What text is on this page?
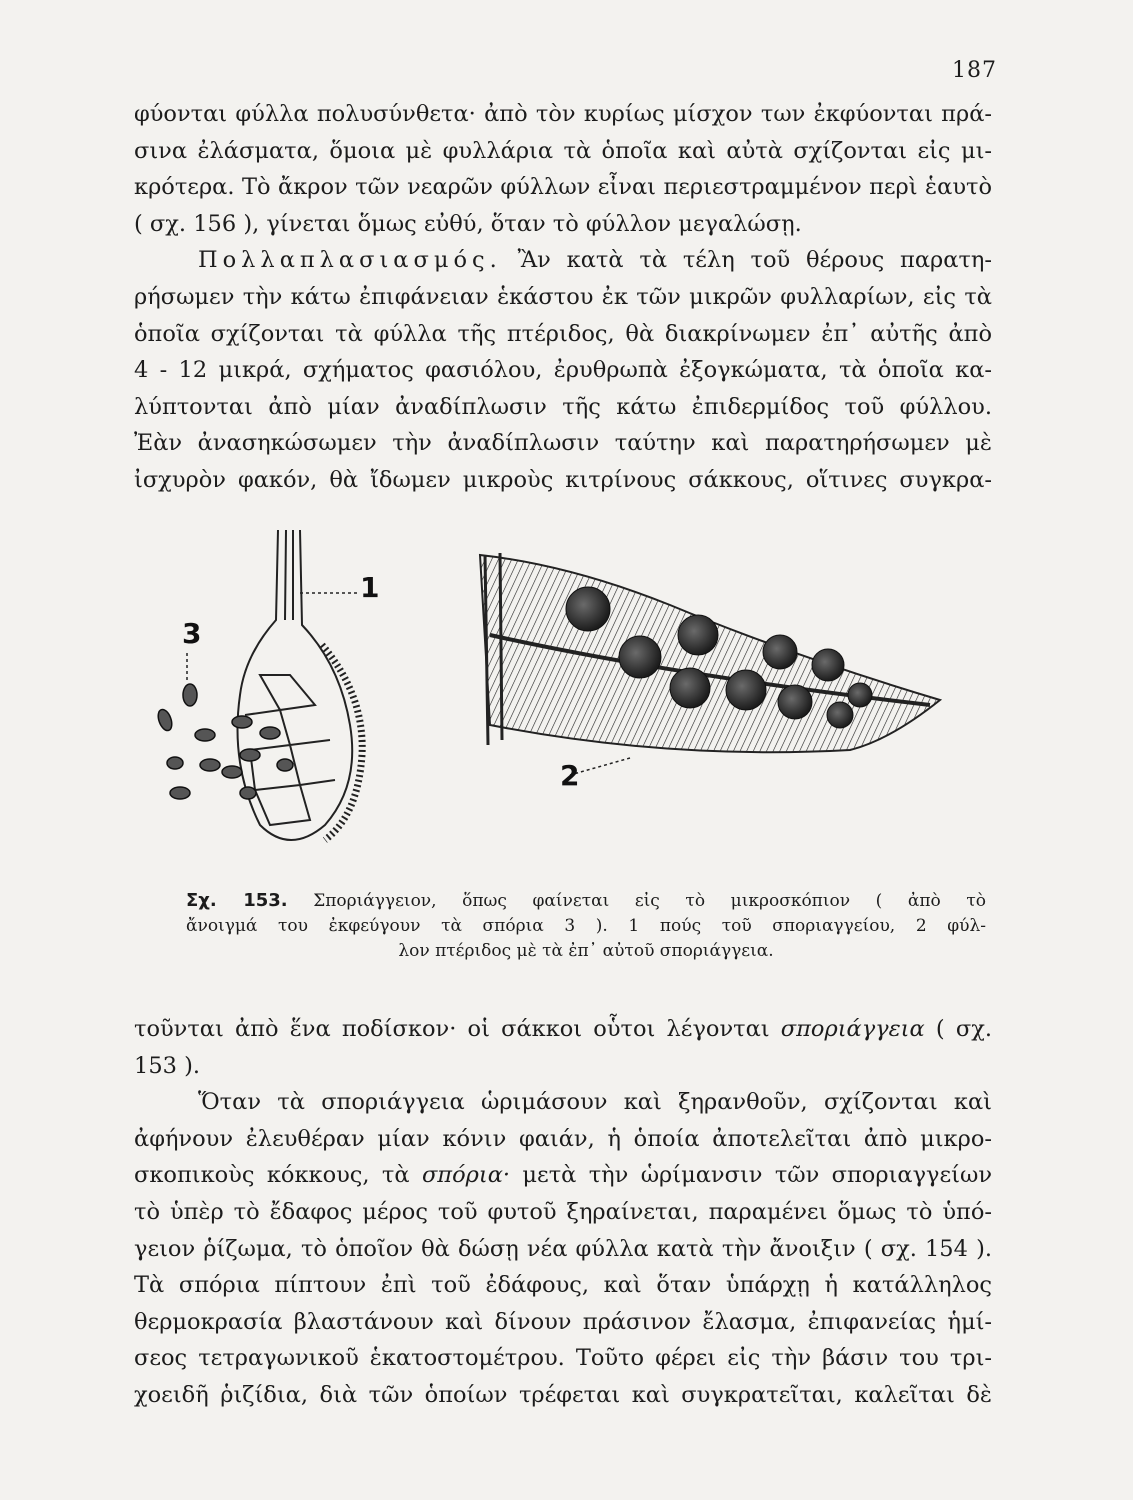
187
φύονται φύλλα πολυσύνθετα· ἀπὸ τὸν κυρίως μίσχον των ἐκφύονται πρά-
σινα ἐλάσματα, ὅμοια μὲ φυλλάρια τὰ ὁποῖα καὶ αὐτὰ σχίζονται εἰς μι-
κρότερα. Τὸ ἄκρον τῶν νεαρῶν φύλλων εἶναι περιεστραμμένον περὶ ἑαυτὸ
( σχ. 156 ), γίνεται ὅμως εὐθύ, ὅταν τὸ φύλλον μεγαλώσῃ.
Πολλαπλασιασμός. Ἂν κατὰ τὰ τέλη τοῦ θέρους παρατη-
ρήσωμεν τὴν κάτω ἐπιφάνειαν ἑκάστου ἐκ τῶν μικρῶν φυλλαρίων, εἰς τὰ
ὁποῖα σχίζονται τὰ φύλλα τῆς πτέριδος, θὰ διακρίνωμεν ἐπ᾽ αὐτῆς ἀπὸ
4 - 12 μικρά, σχήματος φασιόλου, ἐρυθρωπὰ ἐξογκώματα, τὰ ὁποῖα κα-
λύπτονται ἀπὸ μίαν ἀναδίπλωσιν τῆς κάτω ἐπιδερμίδος τοῦ φύλλου.
Ἐὰν ἀνασηκώσωμεν τὴν ἀναδίπλωσιν ταύτην καὶ παρατηρήσωμεν μὲ
ἰσχυρὸν φακόν, θὰ ἴδωμεν μικροὺς κιτρίνους σάκκους, οἵτινες συγκρα-
3
1
2
Σχ. 153. Σποριάγγειον, ὅπως φαίνεται εἰς τὸ μικροσκόπιον ( ἀπὸ τὸ
ἄνοιγμά του ἐκφεύγουν τὰ σπόρια 3 ). 1 πούς τοῦ σποριαγγείου, 2 φύλ-
λον πτέριδος μὲ τὰ ἐπ᾽ αὐτοῦ σποριάγγεια.
τοῦνται ἀπὸ ἕνα ποδίσκον· οἱ σάκκοι οὗτοι λέγονται σποριάγγεια ( σχ.
153 ).
Ὅταν τὰ σποριάγγεια ὡριμάσουν καὶ ξηρανθοῦν, σχίζονται καὶ
ἀφήνουν ἐλευθέραν μίαν κόνιν φαιάν, ἡ ὁποία ἀποτελεῖται ἀπὸ μικρο-
σκοπικοὺς κόκκους, τὰ σπόρια· μετὰ τὴν ὡρίμανσιν τῶν σποριαγγείων
τὸ ὑπὲρ τὸ ἔδαφος μέρος τοῦ φυτοῦ ξηραίνεται, παραμένει ὅμως τὸ ὑπό-
γειον ῥίζωμα, τὸ ὁποῖον θὰ δώσῃ νέα φύλλα κατὰ τὴν ἄνοιξιν ( σχ. 154 ).
Τὰ σπόρια πίπτουν ἐπὶ τοῦ ἐδάφους, καὶ ὅταν ὑπάρχῃ ἡ κατάλληλος
θερμοκρασία βλαστάνουν καὶ δίνουν πράσινον ἔλασμα, ἐπιφανείας ἡμί-
σεος τετραγωνικοῦ ἑκατοστομέτρου. Τοῦτο φέρει εἰς τὴν βάσιν του τρι-
χοειδῆ ῥιζίδια, διὰ τῶν ὁποίων τρέφεται καὶ συγκρατεῖται, καλεῖται δὲ
